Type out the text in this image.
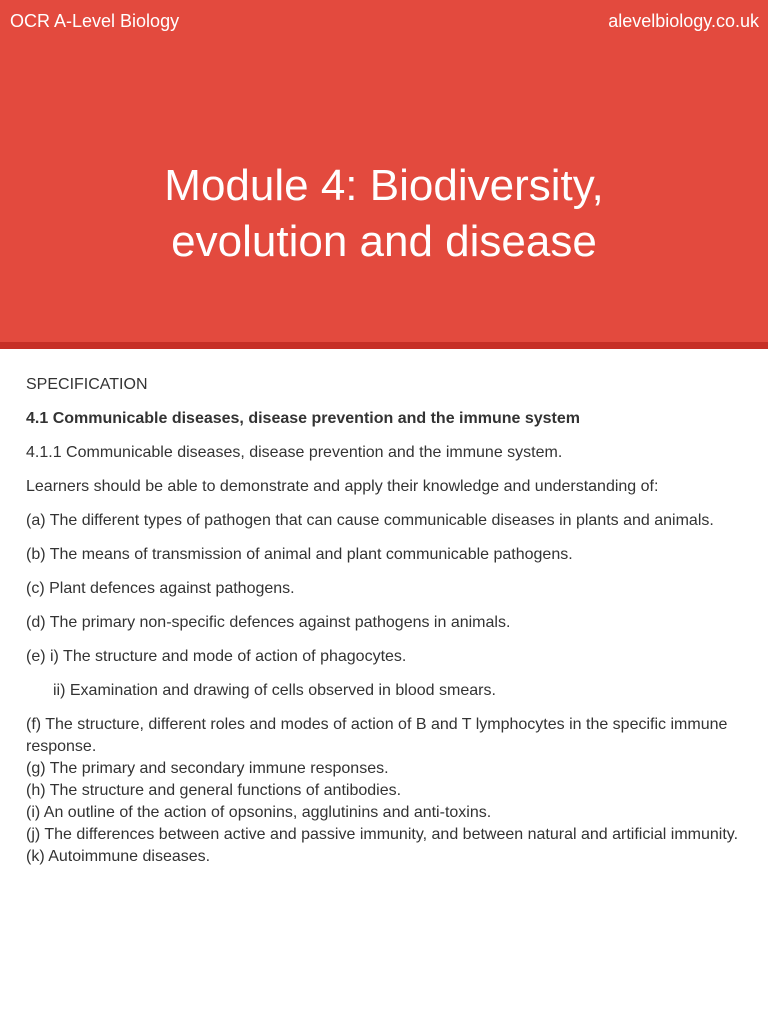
OCR A-Level Biology	alevelbiology.co.uk
Module 4: Biodiversity,
evolution and disease

SPECIFICATION

4.1 Communicable diseases, disease prevention and the immune system

4.1.1 Communicable diseases, disease prevention and the immune system.

Learners should be able to demonstrate and apply their knowledge and understanding of:

(a) The different types of pathogen that can cause communicable diseases in plants and animals.

(b) The means of transmission of animal and plant communicable pathogens.

(c) Plant defences against pathogens.

(d) The primary non-specific defences against pathogens in animals.

(e) i) The structure and mode of action of phagocytes.

ii) Examination and drawing of cells observed in blood smears.

(f) The structure, different roles and modes of action of B and T lymphocytes in the specific immune response.

(g) The primary and secondary immune responses.

(h) The structure and general functions of antibodies.

(i) An outline of the action of opsonins, agglutinins and anti-toxins.

(j) The differences between active and passive immunity, and between natural and artificial immunity.

(k) Autoimmune diseases.
